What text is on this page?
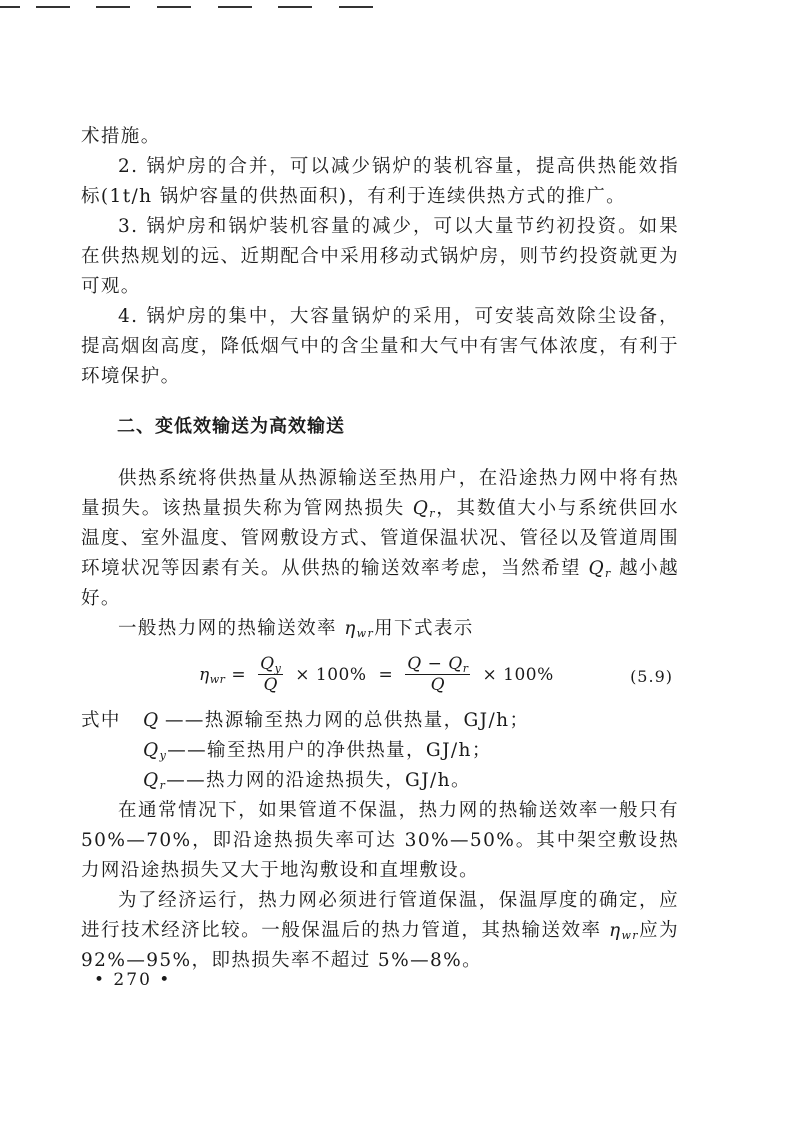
术措施。

2. 锅炉房的合并，可以减少锅炉的装机容量，提高供热能效指标(1t/h 锅炉容量的供热面积)，有利于连续供热方式的推广。

3. 锅炉房和锅炉装机容量的减少，可以大量节约初投资。如果在供热规划的远、近期配合中采用移动式锅炉房，则节约投资就更为可观。

4. 锅炉房的集中，大容量锅炉的采用，可安装高效除尘设备，提高烟囱高度，降低烟气中的含尘量和大气中有害气体浓度，有利于环境保护。

二、变低效输送为高效输送

供热系统将供热量从热源输送至热用户，在沿途热力网中将有热量损失。该热量损失称为管网热损失 $Q_r$，其数值大小与系统供回水温度、室外温度、管网敷设方式、管道保温状况、管径以及管道周围环境状况等因素有关。从供热的输送效率考虑，当然希望 $Q_r$ 越小越好。

一般热力网的热输送效率 $\eta_{wr}$用下式表示

$\eta_{wr} = \frac{Q_y}{Q} \times 100\% = \frac{Q - Q_r}{Q} \times 100\%$	(5.9)
式中	Q ——热源输至热力网的总供热量，GJ/h；
$Q_y$ ——输至热用户的净供热量，GJ/h；
$Q_r$ ——热力网的沿途热损失，GJ/h。

在通常情况下，如果管道不保温，热力网的热输送效率一般只有 50%—70%，即沿途热损失率可达 30%—50%。其中架空敷设热力网沿途热损失又大于地沟敷设和直埋敷设。

为了经济运行，热力网必须进行管道保温，保温厚度的确定，应进行技术经济比较。一般保温后的热力管道，其热输送效率 $\eta_{wr}$应为 92%—95%，即热损失率不超过 5%—8%。

• 270 •
